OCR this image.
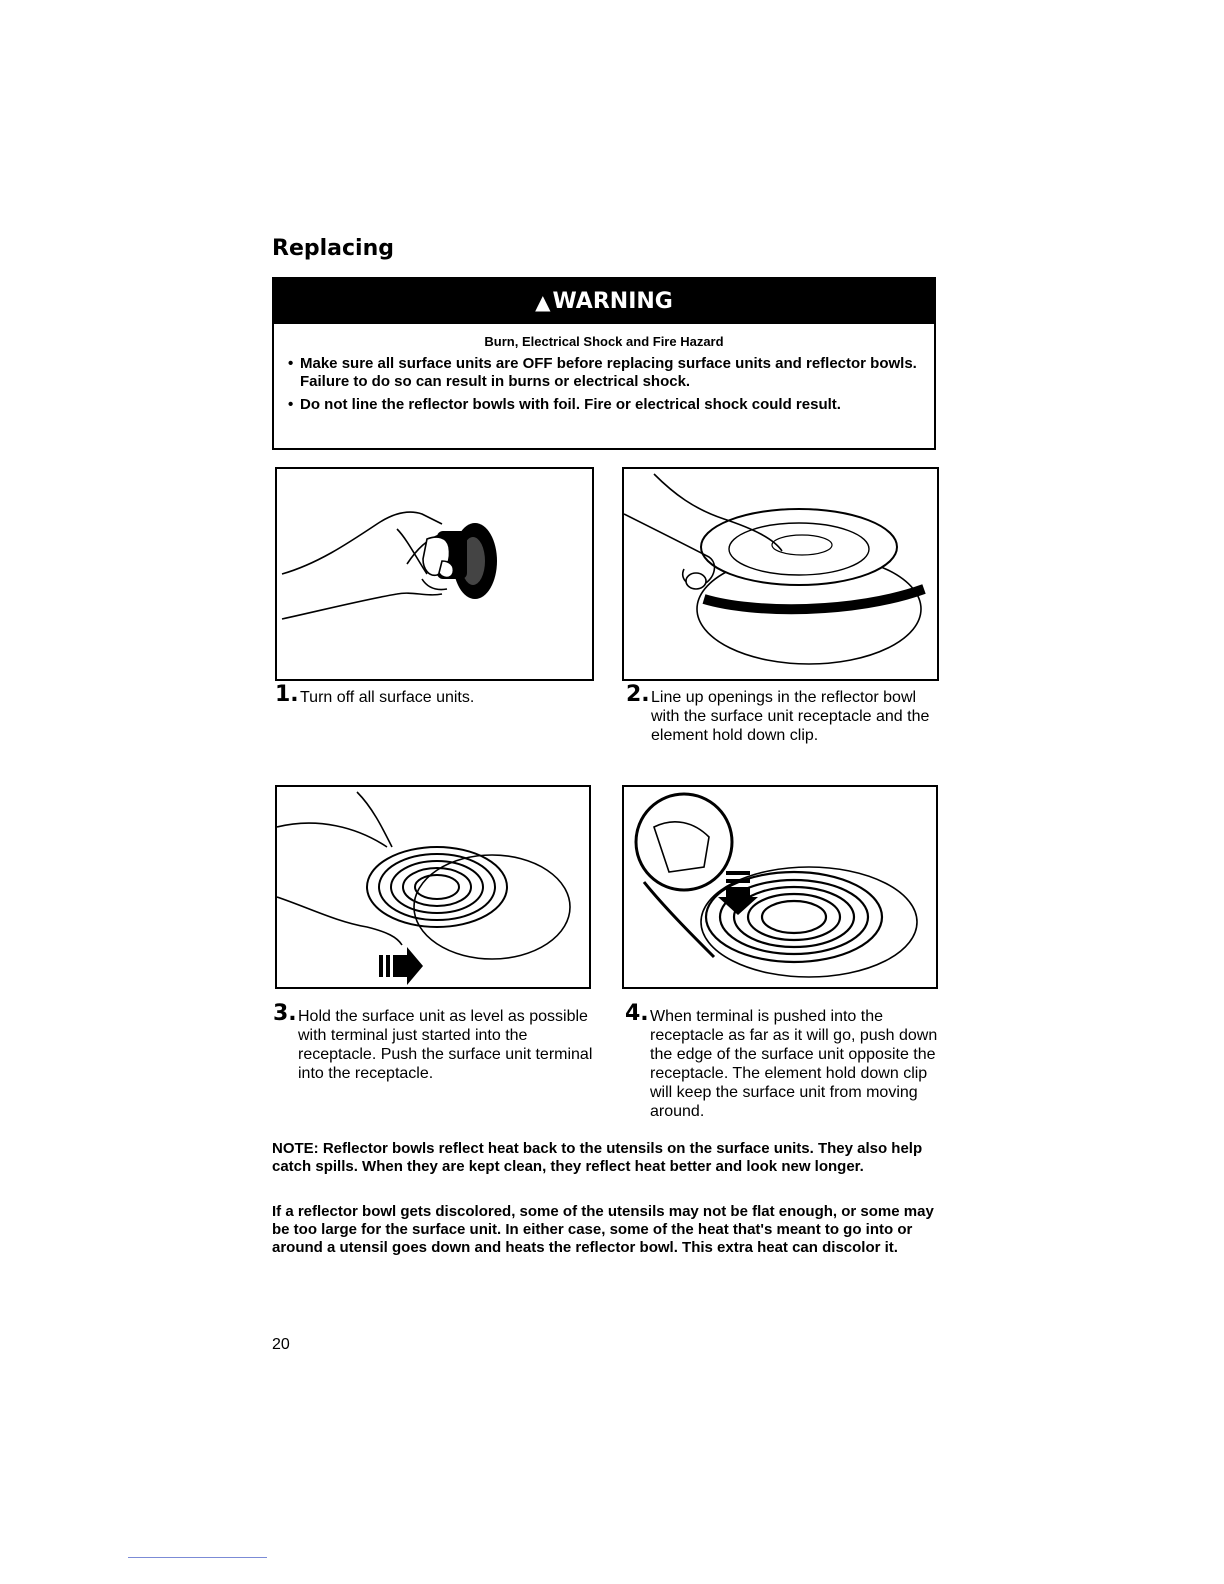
Replacing
▲ WARNING
Burn, Electrical Shock and Fire Hazard
• Make sure all surface units are OFF before replacing surface units and reflector bowls. Failure to do so can result in burns or electrical shock.
• Do not line the reflector bowls with foil. Fire or electrical shock could result.
1. Turn off all surface units.	2. Line up openings in the reflector bowl with the surface unit receptacle and the element hold down clip.
3. Hold the surface unit as level as possible with terminal just started into the receptacle. Push the surface unit terminal into the receptacle.
4. When terminal is pushed into the receptacle as far as it will go, push down the edge of the surface unit opposite the receptacle. The element hold down clip will keep the surface unit from moving around.

NOTE: Reflector bowls reflect heat back to the utensils on the surface units. They also help catch spills. When they are kept clean, they reflect heat better and look new longer.

If a reflector bowl gets discolored, some of the utensils may not be flat enough, or some may be too large for the surface unit. In either case, some of the heat that's meant to go into or around a utensil goes down and heats the reflector bowl. This extra heat can discolor it.

20
